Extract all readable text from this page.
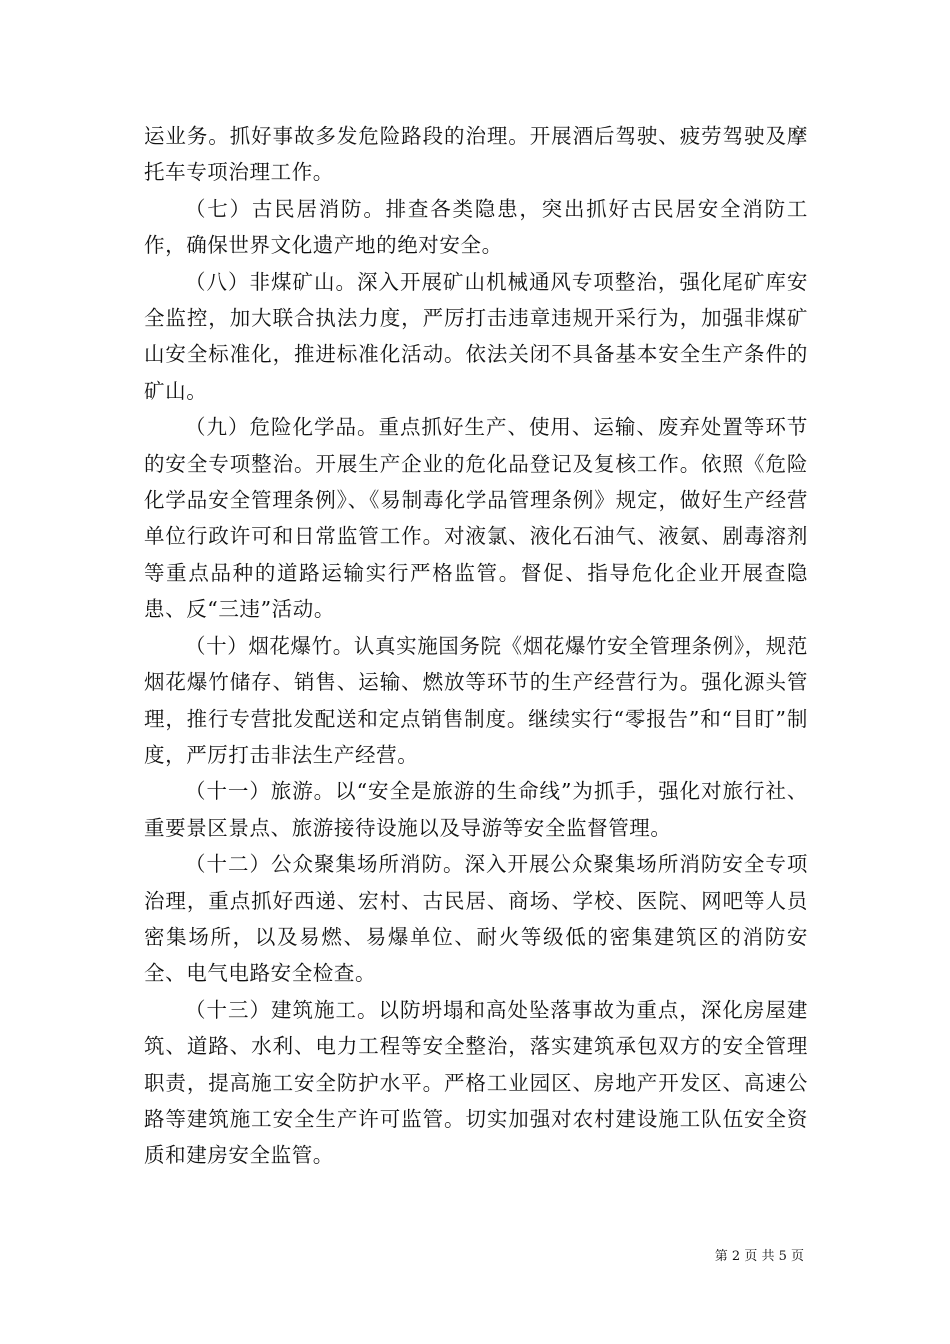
运业务。抓好事故多发危险路段的治理。开展酒后驾驶、疲劳驾驶及摩托车专项治理工作。

（七）古民居消防。排查各类隐患，突出抓好古民居安全消防工作，确保世界文化遗产地的绝对安全。

（八）非煤矿山。深入开展矿山机械通风专项整治，强化尾矿库安全监控，加大联合执法力度，严厉打击违章违规开采行为，加强非煤矿山安全标准化，推进标准化活动。依法关闭不具备基本安全生产条件的矿山。

（九）危险化学品。重点抓好生产、使用、运输、废弃处置等环节的安全专项整治。开展生产企业的危化品登记及复核工作。依照《危险化学品安全管理条例》、《易制毒化学品管理条例》规定，做好生产经营单位行政许可和日常监管工作。对液氯、液化石油气、液氨、剧毒溶剂等重点品种的道路运输实行严格监管。督促、指导危化企业开展查隐患、反“三违”活动。

（十）烟花爆竹。认真实施国务院《烟花爆竹安全管理条例》，规范烟花爆竹储存、销售、运输、燃放等环节的生产经营行为。强化源头管理，推行专营批发配送和定点销售制度。继续实行“零报告”和“目盯”制度，严厉打击非法生产经营。

（十一）旅游。以“安全是旅游的生命线”为抓手，强化对旅行社、重要景区景点、旅游接待设施以及导游等安全监督管理。

（十二）公众聚集场所消防。深入开展公众聚集场所消防安全专项治理，重点抓好西递、宏村、古民居、商场、学校、医院、网吧等人员密集场所，以及易燃、易爆单位、耐火等级低的密集建筑区的消防安全、电气电路安全检查。

（十三）建筑施工。以防坍塌和高处坠落事故为重点，深化房屋建筑、道路、水利、电力工程等安全整治，落实建筑承包双方的安全管理职责，提高施工安全防护水平。严格工业园区、房地产开发区、高速公路等建筑施工安全生产许可监管。切实加强对农村建设施工队伍安全资质和建房安全监管。

第 2 页 共 5 页
